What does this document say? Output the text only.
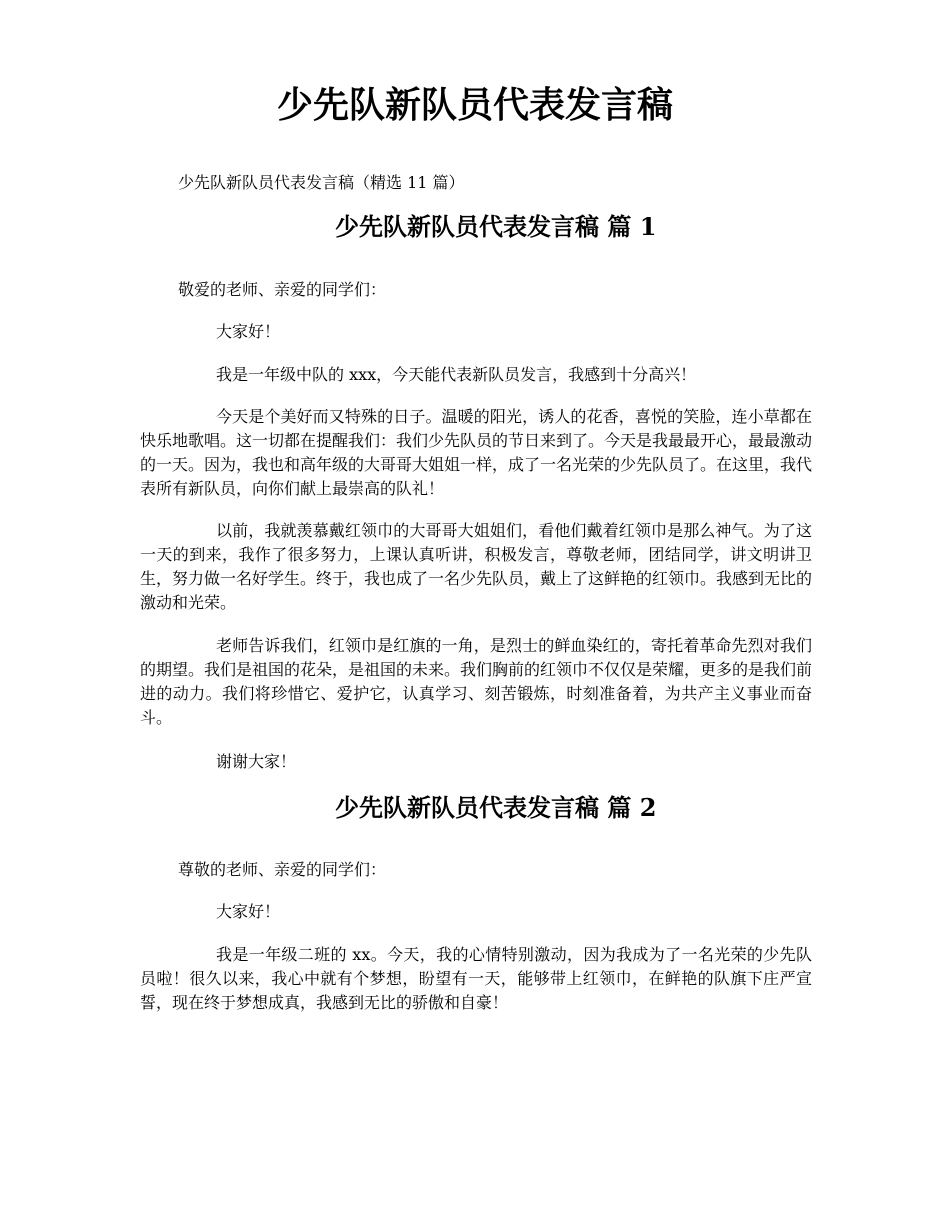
少先队新队员代表发言稿

少先队新队员代表发言稿（精选 11 篇）

少先队新队员代表发言稿 篇 1

敬爱的老师、亲爱的同学们：

大家好！

我是一年级中队的 xxx，今天能代表新队员发言，我感到十分高兴！

今天是个美好而又特殊的日子。温暖的阳光，诱人的花香，喜悦的笑脸，连小草都在快乐地歌唱。这一切都在提醒我们：我们少先队员的节日来到了。今天是我最最开心，最最激动的一天。因为，我也和高年级的大哥哥大姐姐一样，成了一名光荣的少先队员了。在这里，我代表所有新队员，向你们献上最崇高的队礼！

以前，我就羡慕戴红领巾的大哥哥大姐姐们，看他们戴着红领巾是那么神气。为了这一天的到来，我作了很多努力，上课认真听讲，积极发言，尊敬老师，团结同学，讲文明讲卫生，努力做一名好学生。终于，我也成了一名少先队员，戴上了这鲜艳的红领巾。我感到无比的激动和光荣。

老师告诉我们，红领巾是红旗的一角，是烈士的鲜血染红的，寄托着革命先烈对我们的期望。我们是祖国的花朵，是祖国的未来。我们胸前的红领巾不仅仅是荣耀，更多的是我们前进的动力。我们将珍惜它、爱护它，认真学习、刻苦锻炼，时刻准备着，为共产主义事业而奋斗。

谢谢大家！

少先队新队员代表发言稿 篇 2

尊敬的老师、亲爱的同学们：

大家好！

我是一年级二班的 xx。今天，我的心情特别激动，因为我成为了一名光荣的少先队员啦！很久以来，我心中就有个梦想，盼望有一天，能够带上红领巾，在鲜艳的队旗下庄严宣誓，现在终于梦想成真，我感到无比的骄傲和自豪！
